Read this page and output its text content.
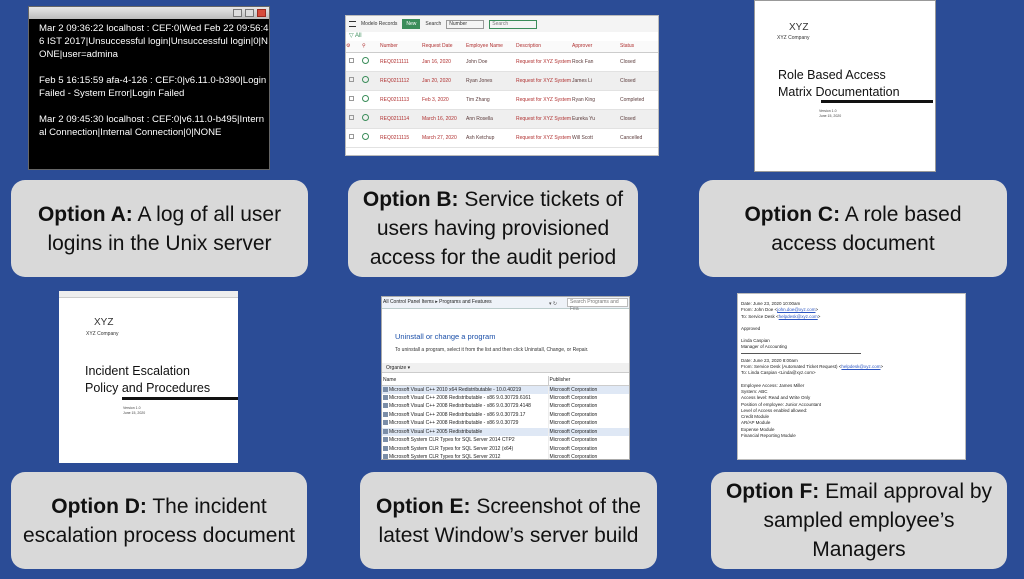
Mar 2 09:36:22 localhost : CEF:0|Wed Feb 22 09:56:46 IST 2017|Unsuccessful login|Unsuccessful login|0|NONE|user=admina

Feb 5 16:15:59 afa-4-126 : CEF:0|v6.11.0-b390|Login Failed - System Error|Login Failed

Mar 2 09:45:30 localhost : CEF:0|v6.11.0-b495|Internal Connection|Internal Connection|0|NONE

Option A: A log of all user logins in the Unix server
Modelo Records	New	Search	Number	Search
▽ All
⚙	⚲	Number	Request Date	Employee Name	Description	Approver	Status
		REQ0211111	Jan 16, 2020	John Doe	Request for XYZ System	Rock Fan	Closed
		REQ0211112	Jan 20, 2020	Ryan Jones	Request for XYZ System	James Li	Closed
		REQ0211113	Feb 3, 2020	Tim Zhang	Request for XYZ System	Ryan King	Completed
		REQ0211114	March 16, 2020	Ann Rosella	Request for XYZ System	Eureka Yu	Closed
		REQ0211115	March 27, 2020	Ash Ketchup	Request for XYZ System	Will Scott	Cancelled
Option B: Service tickets of users having provisioned access for the audit period
XYZ
XYZ Company
Role Based Access
Matrix Documentation
Version 1.0
June 15, 2020
Option C: A role based access document
XYZ
XYZ Company
Incident Escalation
Policy and Procedures
Version 1.0
June 15, 2020
Option D: The incident escalation process document
All Control Panel Items ▸ Programs and Features	▾ ↻	Search Programs and Fea
Uninstall or change a program
To uninstall a program, select it from the list and then click Uninstall, Change, or Repair.
Organize ▾
Name	Publisher
Microsoft Visual C++ 2010 x64 Redistributable - 10.0.40219	Microsoft Corporation
Microsoft Visual C++ 2008 Redistributable - x86 9.0.30729.6161	Microsoft Corporation
Microsoft Visual C++ 2008 Redistributable - x86 9.0.30729.4148	Microsoft Corporation
Microsoft Visual C++ 2008 Redistributable - x86 9.0.30729.17	Microsoft Corporation
Microsoft Visual C++ 2008 Redistributable - x86 9.0.30729	Microsoft Corporation
Microsoft Visual C++ 2005 Redistributable	Microsoft Corporation
Microsoft System CLR Types for SQL Server 2014 CTP2	Microsoft Corporation
Microsoft System CLR Types for SQL Server 2012 (x64)	Microsoft Corporation
Microsoft System CLR Types for SQL Server 2012	Microsoft Corporation
Option E: Screenshot of the latest Window’s server build
Date: June 23, 2020 10:00am
From: John Doe <john.doe@xyz.com>
To: Service Desk <helpdesk@xyz.com>
Approved
Linda Caspian
Manager of Accounting
Date: June 23, 2020 8:00am
From: Service Desk (Automated Ticket Request) <helpdesk@xyz.com>
To: Linda Caspian <Linda@xyz.com>
Employee Access: James Miller
System: ABC
Access level: Read and Write Only
Position of employee: Junior Accountant
Level of Access enabled allowed:
Credit Module
AR/AP Module
Expense Module
Financial Reporting Module
Option F: Email approval by sampled employee’s Managers
